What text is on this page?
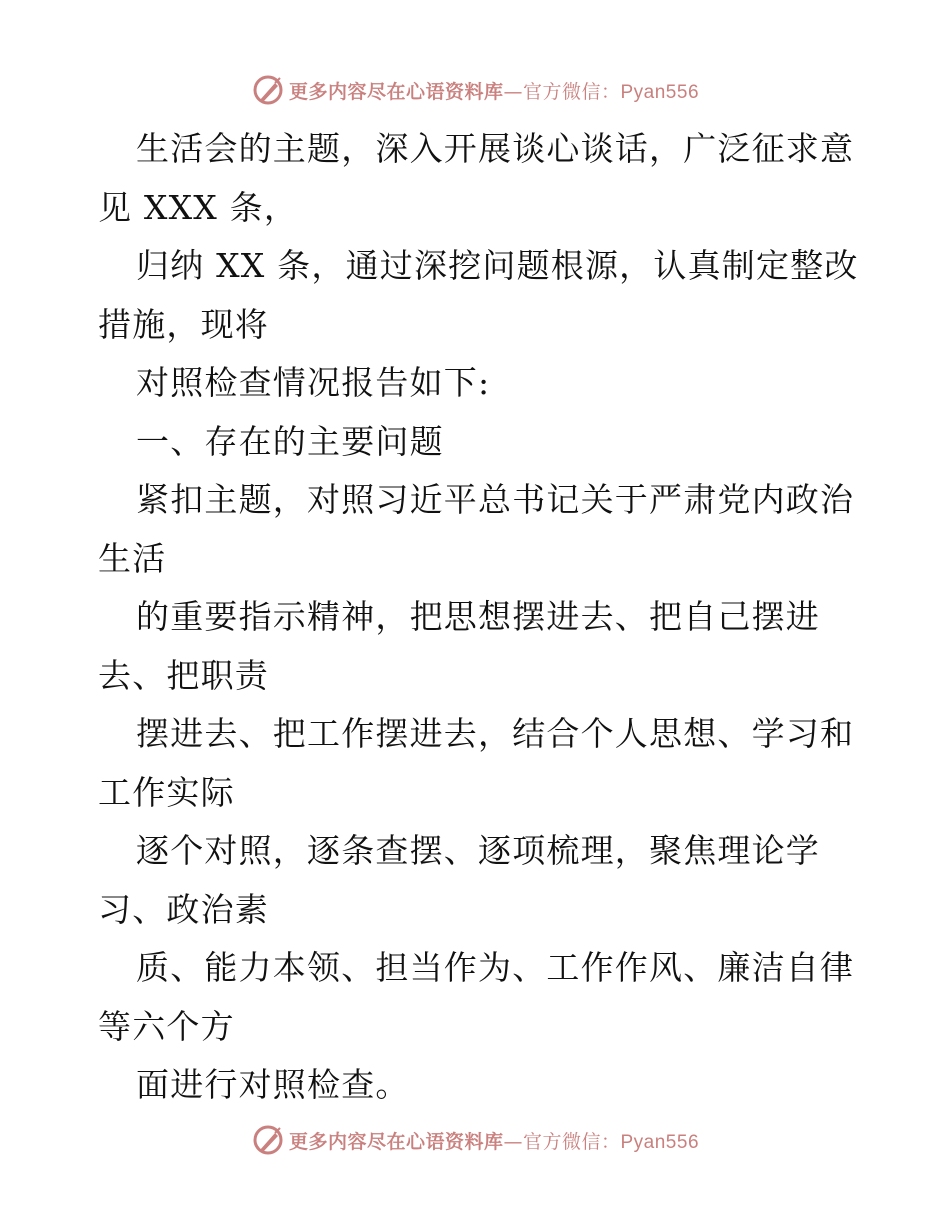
更多内容尽在心语资料库—官方微信：Pyan556
生活会的主题，深入开展谈心谈话，广泛征求意
见 XXX 条，
归纳 XX 条，通过深挖问题根源，认真制定整改
措施，现将
对照检查情况报告如下:
一、存在的主要问题
紧扣主题，对照习近平总书记关于严肃党内政治
生活
的重要指示精神，把思想摆进去、把自己摆进
去、把职责
摆进去、把工作摆进去，结合个人思想、学习和
工作实际
逐个对照，逐条查摆、逐项梳理，聚焦理论学
习、政治素
质、能力本领、担当作为、工作作风、廉洁自律
等六个方
面进行对照检查。
更多内容尽在心语资料库—官方微信：Pyan556
